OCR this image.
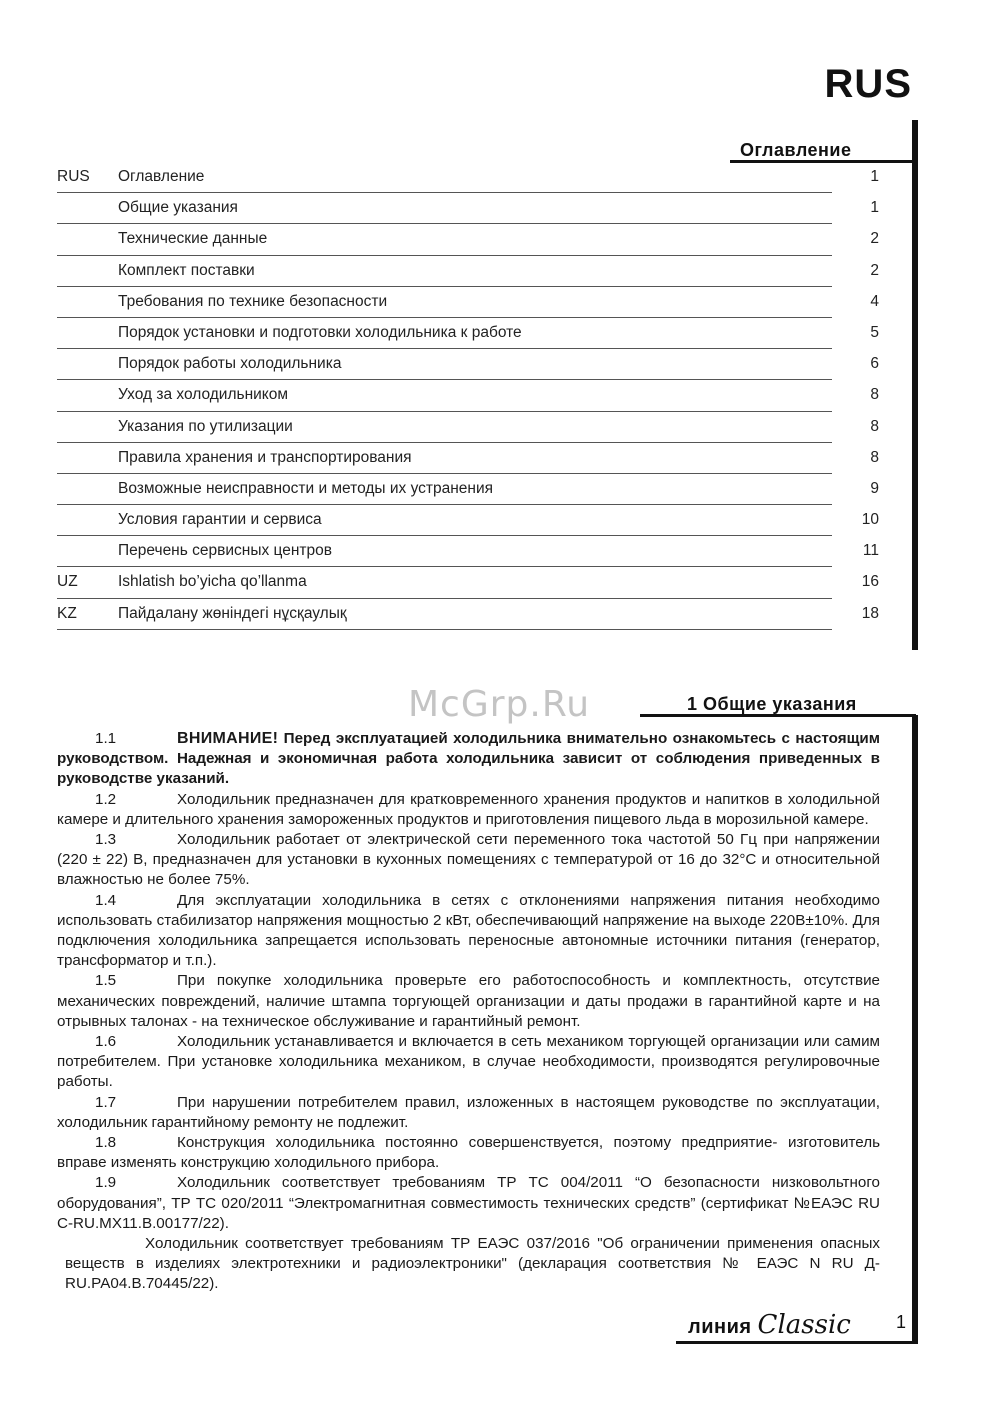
RUS
Оглавление
RUS Оглавление	1
Общие указания	1
Технические данные	2
Комплект поставки	2
Требования по технике безопасности	4
Порядок установки и подготовки холодильника к работе	5
Порядок работы холодильника	6
Уход за холодильником	8
Указания по утилизации	8
Правила хранения и транспортирования	8
Возможные неисправности и методы их устранения	9
Условия гарантии и сервиса	10
Перечень сервисных центров	11
UZ	Ishlatish bo’yicha qo’llanma	16
KZ	Пайдалану жөніндегі нұсқаулық	18
McGrp.Ru	1 Общие указания
1.1	ВНИМАНИЕ! Перед эксплуатацией холодильника внимательно ознакомьтесь с настоящим руководством. Надежная и экономичная работа холодильника зависит от соблюдения приведенных в руководстве указаний.
1.2	Холодильник предназначен для кратковременного хранения продуктов и напитков в холодильной камере и длительного хранения замороженных продуктов и приготовления пищевого льда в морозильной камере.
1.3	Холодильник работает от электрической сети переменного тока частотой 50 Гц при напряжении (220 ± 22) В, предназначен для установки в кухонных помещениях с температурой от 16 до 32°С и относительной влажностью не более 75%.
1.4	Для эксплуатации холодильника в сетях с отклонениями напряжения питания необходимо использовать стабилизатор напряжения мощностью 2 кВт, обеспечивающий напряжение на выходе 220В±10%. Для подключения холодильника запрещается использовать переносные автономные источники питания (генератор, трансформатор и т.п.).
1.5	При покупке холодильника проверьте его работоспособность и комплектность, отсутствие механических повреждений, наличие штампа торгующей организации и даты продажи в гарантийной карте и на отрывных талонах - на техническое обслуживание и гарантийный ремонт.
1.6	Холодильник устанавливается и включается в сеть механиком торгующей организации или самим потребителем. При установке холодильника механиком, в случае необходимости, производятся регулировочные работы.
1.7	При нарушении потребителем правил, изложенных в настоящем руководстве по эксплуатации, холодильник гарантийному ремонту не подлежит.
1.8	Конструкция холодильника постоянно совершенствуется, поэтому предприятие- изготовитель вправе изменять конструкцию холодильного прибора.
1.9	Холодильник соответствует требованиям ТР ТС 004/2011 “О безопасности низковольтного оборудования”, ТР ТС 020/2011 “Электромагнитная совместимость технических средств” (сертификат №ЕАЭС RU С-RU.МХ11.В.00177/22).
Холодильник соответствует требованиям ТР ЕАЭС 037/2016 "Об ограничении применения опасных веществ в изделиях электротехники и радиоэлектроники" (декларация соответствия № ЕАЭС N RU Д-RU.РА04.В.70445/22).
линия Classic	1
